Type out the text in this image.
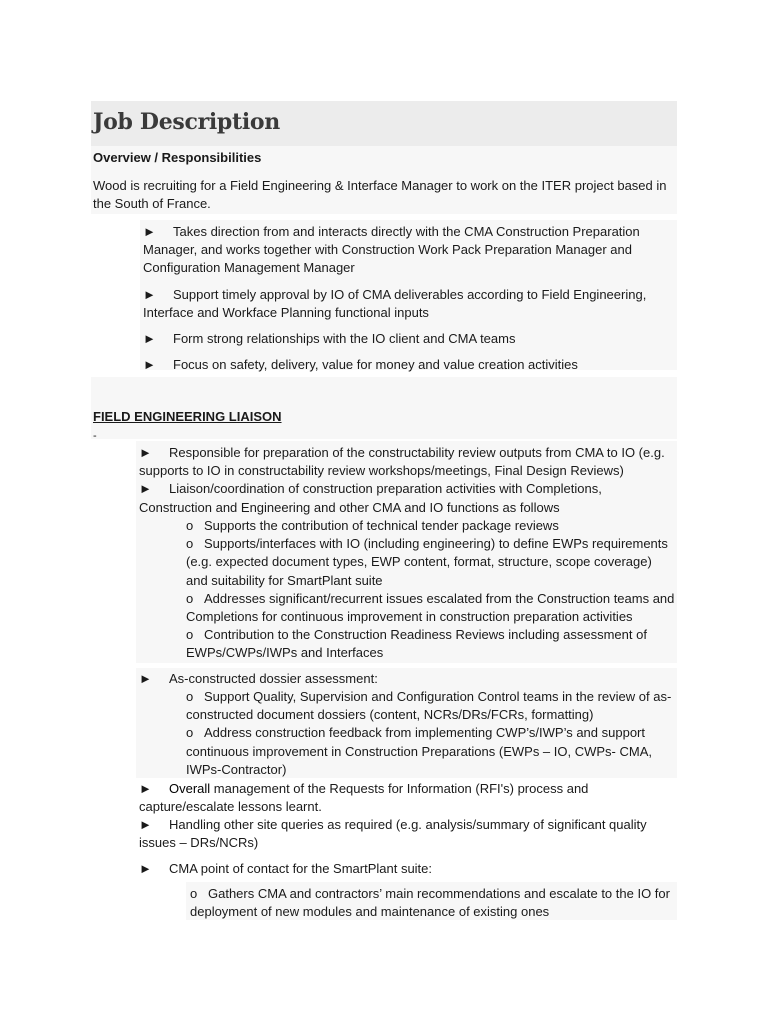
Job Description
Overview / Responsibilities
Wood is recruiting for a Field Engineering & Interface Manager to work on the ITER project based in the South of France.
► Takes direction from and interacts directly with the CMA Construction Preparation Manager, and works together with Construction Work Pack Preparation Manager and Configuration Management Manager
► Support timely approval by IO of CMA deliverables according to Field Engineering, Interface and Workface Planning functional inputs
► Form strong relationships with the IO client and CMA teams
► Focus on safety, delivery, value for money and value creation activities
FIELD ENGINEERING LIAISON
-
► Responsible for preparation of the constructability review outputs from CMA to IO (e.g. supports to IO in constructability review workshops/meetings, Final Design Reviews)
► Liaison/coordination of construction preparation activities with Completions, Construction and Engineering and other CMA and IO functions as follows
o Supports the contribution of technical tender package reviews
o Supports/interfaces with IO (including engineering) to define EWPs requirements (e.g. expected document types, EWP content, format, structure, scope coverage) and suitability for SmartPlant suite
o Addresses significant/recurrent issues escalated from the Construction teams and Completions for continuous improvement in construction preparation activities
o Contribution to the Construction Readiness Reviews including assessment of EWPs/CWPs/IWPs and Interfaces
► As-constructed dossier assessment:
o Support Quality, Supervision and Configuration Control teams in the review of as-constructed document dossiers (content, NCRs/DRs/FCRs, formatting)
o Address construction feedback from implementing CWP’s/IWP’s and support continuous improvement in Construction Preparations (EWPs – IO, CWPs- CMA, IWPs-Contractor)
► Overall management of the Requests for Information (RFI's) process and capture/escalate lessons learnt.
► Handling other site queries as required (e.g. analysis/summary of significant quality issues – DRs/NCRs)
► CMA point of contact for the SmartPlant suite:
o Gathers CMA and contractors’ main recommendations and escalate to the IO for deployment of new modules and maintenance of existing ones
